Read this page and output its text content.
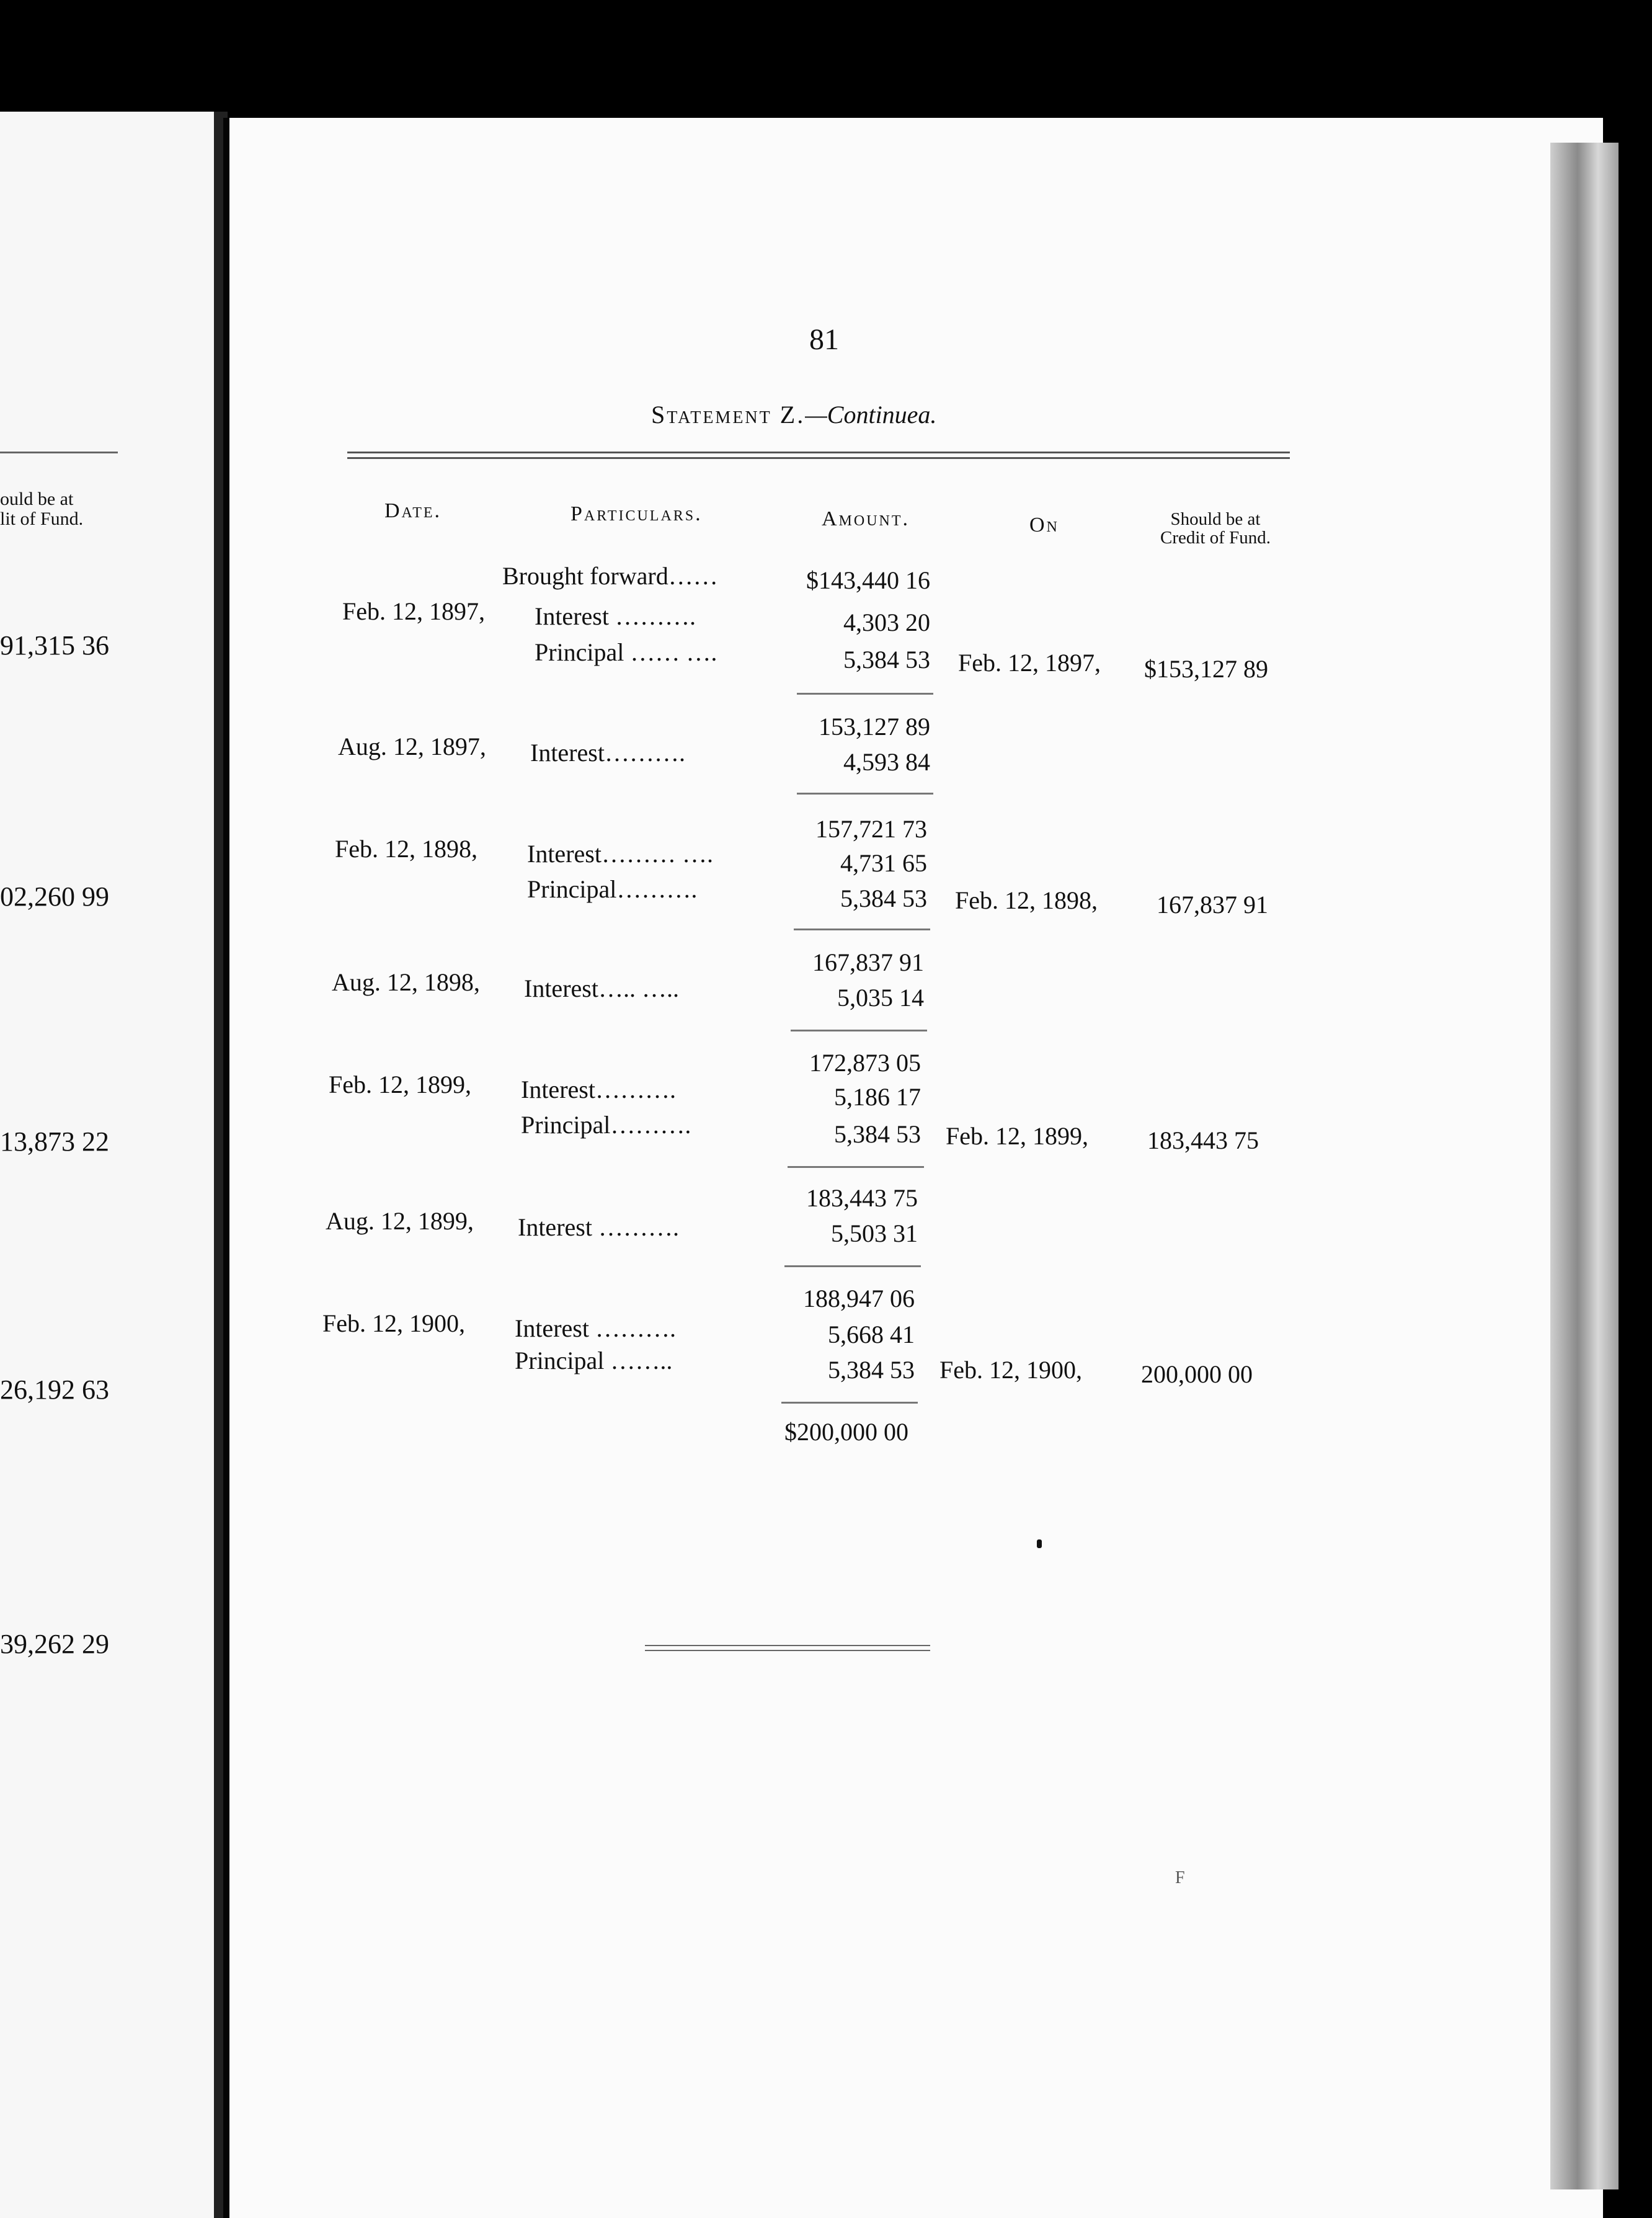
ould be at
lit of Fund.
91,315 36
02,260 99
13,873 22
26,192 63
39,262 29
81
Statement Z.—Continuea.
Date.	Particulars.	Amount.	On	Should be at
Credit of Fund.
Brought forward……	$143,440 16
Feb. 12, 1897, Interest ……….	4,303 20
Principal …… ….	5,384 53 Feb. 12, 1897, $153,127 89
153,127 89
Aug. 12, 1897, Interest……….	4,593 84
157,721 73
Feb. 12, 1898, Interest……… ….	4,731 65
Principal……….	5,384 53 Feb. 12, 1898, 167,837 91
167,837 91
Aug. 12, 1898, Interest….. …..	5,035 14
172,873 05
Feb. 12, 1899, Interest……….	5,186 17
Principal……….	5,384 53 Feb. 12, 1899, 183,443 75
183,443 75
Aug. 12, 1899, Interest ……….	5,503 31
188,947 06
Feb. 12, 1900, Interest ……….	5,668 41
Principal ……..	5,384 53 Feb. 12, 1900, 200,000 00
$200,000 00
F
